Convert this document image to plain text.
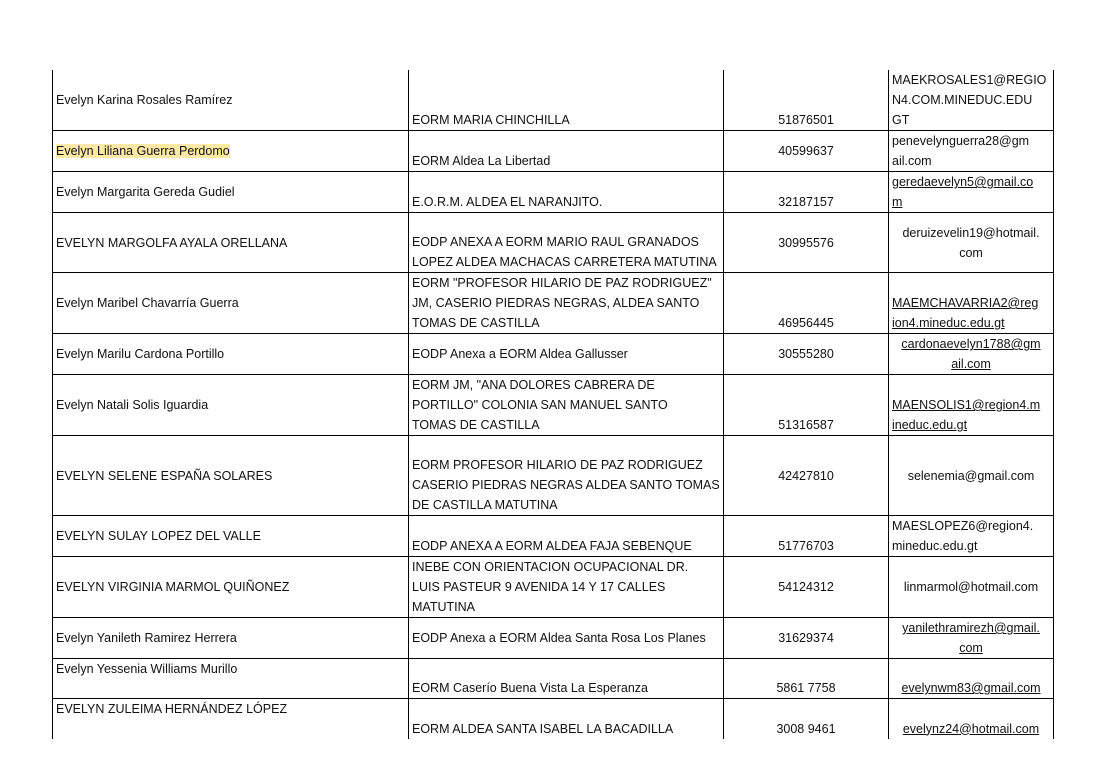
Evelyn Karina Rosales Ramírez	EORM MARIA CHINCHILLA	51876501	MAEKROSALES1@REGIO
N4.COM.MINEDUC.EDU
GT

Evelyn Liliana Guerra Perdomo	EORM Aldea La Libertad	40599637	penevelynguerra28@gm
ail.com

Evelyn Margarita Gereda Gudiel	E.O.R.M. ALDEA EL NARANJITO.	32187157	geredaevelyn5@gmail.co
m

EVELYN MARGOLFA AYALA ORELLANA	EODP ANEXA A EORM MARIO RAUL GRANADOS
LOPEZ ALDEA MACHACAS CARRETERA MATUTINA	30995576	deruizevelin19@hotmail.
com

Evelyn Maribel Chavarría Guerra	EORM "PROFESOR HILARIO DE PAZ RODRIGUEZ"
JM, CASERIO PIEDRAS NEGRAS, ALDEA SANTO
TOMAS DE CASTILLA	46956445	MAEMCHAVARRIA2@reg
ion4.mineduc.edu.gt

Evelyn Marilu Cardona Portillo	EODP Anexa a EORM Aldea Gallusser	30555280	cardonaevelyn1788@gm
ail.com

Evelyn Natali Solis Iguardia	EORM JM, "ANA DOLORES CABRERA DE
PORTILLO" COLONIA SAN MANUEL SANTO
TOMAS DE CASTILLA	51316587	MAENSOLIS1@region4.m
ineduc.edu.gt

EVELYN SELENE ESPAÑA SOLARES	EORM PROFESOR HILARIO DE PAZ RODRIGUEZ
CASERIO PIEDRAS NEGRAS ALDEA SANTO TOMAS
DE CASTILLA MATUTINA	42427810	selenemia@gmail.com

EVELYN SULAY LOPEZ DEL VALLE	EODP ANEXA A EORM ALDEA FAJA SEBENQUE	51776703	MAESLOPEZ6@region4.
mineduc.edu.gt

EVELYN VIRGINIA MARMOL QUIÑONEZ	INEBE CON ORIENTACION OCUPACIONAL DR.
LUIS PASTEUR 9 AVENIDA 14 Y 17 CALLES
MATUTINA	54124312	linmarmol@hotmail.com

Evelyn Yanileth Ramirez Herrera	EODP Anexa a EORM Aldea Santa Rosa Los Planes	31629374	yanilethramirezh@gmail.
com

Evelyn Yessenia Williams Murillo	EORM Caserío Buena Vista La Esperanza	5861 7758	evelynwm83@gmail.com

EVELYN ZULEIMA HERNÁNDEZ LÓPEZ	EORM ALDEA SANTA ISABEL LA BACADILLA	3008 9461	evelynz24@hotmail.com
